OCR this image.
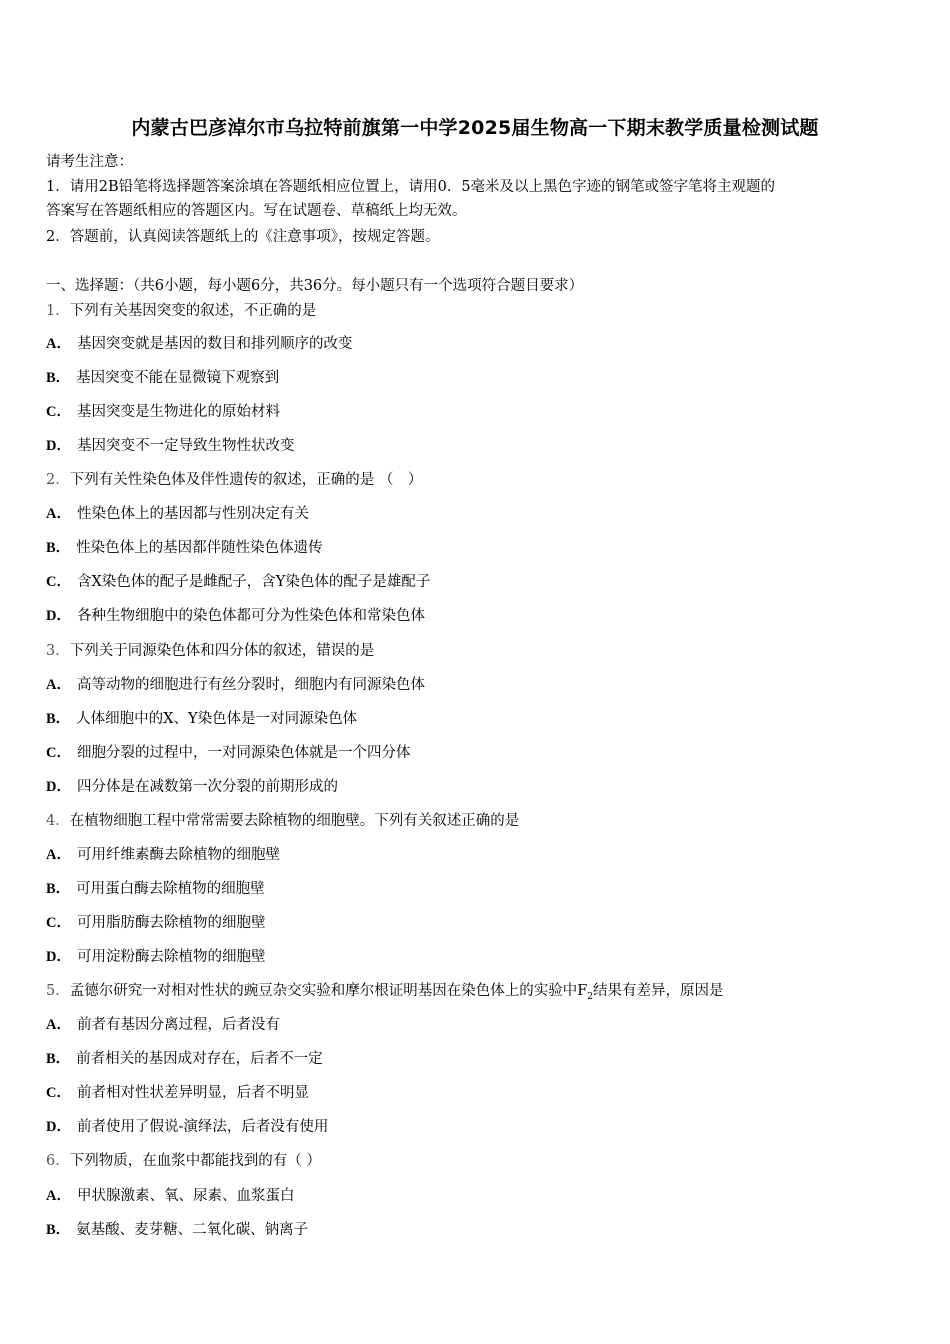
内蒙古巴彦淖尔市乌拉特前旗第一中学2025届生物高一下期末教学质量检测试题
请考生注意：
1．请用2B铅笔将选择题答案涂填在答题纸相应位置上，请用0．5毫米及以上黑色字迹的钢笔或签字笔将主观题的
答案写在答题纸相应的答题区内。写在试题卷、草稿纸上均无效。
2．答题前，认真阅读答题纸上的《注意事项》，按规定答题。
一、选择题：（共6小题，每小题6分，共36分。每小题只有一个选项符合题目要求）
1．下列有关基因突变的叙述，不正确的是
A． 基因突变就是基因的数目和排列顺序的改变
B． 基因突变不能在显微镜下观察到
C． 基因突变是生物进化的原始材料
D． 基因突变不一定导致生物性状改变
2．下列有关性染色体及伴性遗传的叙述，正确的是 （　）
A． 性染色体上的基因都与性别决定有关
B． 性染色体上的基因都伴随性染色体遗传
C． 含X染色体的配子是雌配子，含Y染色体的配子是雄配子
D． 各种生物细胞中的染色体都可分为性染色体和常染色体
3．下列关于同源染色体和四分体的叙述，错误的是
A． 高等动物的细胞进行有丝分裂时，细胞内有同源染色体
B． 人体细胞中的X、Y染色体是一对同源染色体
C． 细胞分裂的过程中，一对同源染色体就是一个四分体
D． 四分体是在减数第一次分裂的前期形成的
4．在植物细胞工程中常常需要去除植物的细胞壁。下列有关叙述正确的是
A． 可用纤维素酶去除植物的细胞壁
B． 可用蛋白酶去除植物的细胞壁
C． 可用脂肪酶去除植物的细胞壁
D． 可用淀粉酶去除植物的细胞壁
5．孟德尔研究一对相对性状的豌豆杂交实验和摩尔根证明基因在染色体上的实验中$F_2$结果有差异，原因是
A． 前者有基因分离过程，后者没有
B． 前者相关的基因成对存在，后者不一定
C． 前者相对性状差异明显，后者不明显
D． 前者使用了假说-演绎法，后者没有使用
6．下列物质，在血浆中都能找到的有（ ）
A． 甲状腺激素、氧、尿素、血浆蛋白
B． 氨基酸、麦芽糖、二氧化碳、钠离子
